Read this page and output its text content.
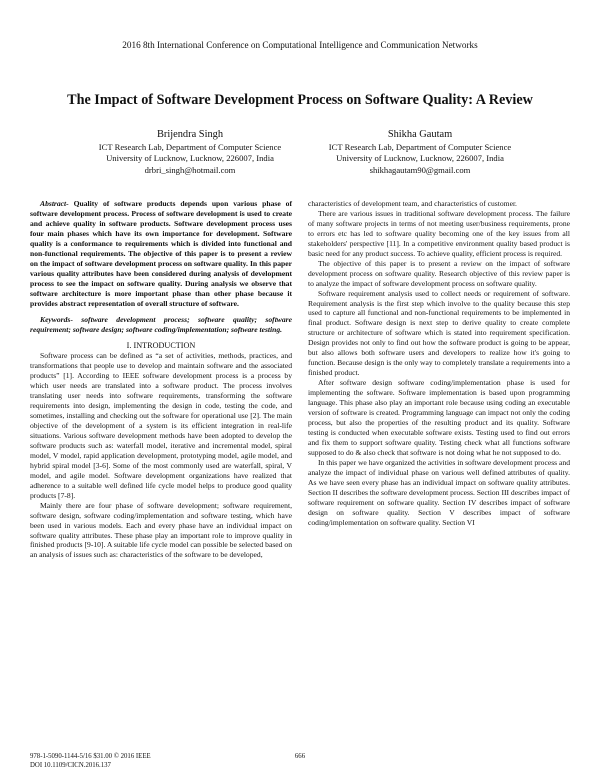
2016 8th International Conference on Computational Intelligence and Communication Networks
The Impact of Software Development Process on Software Quality: A Review
Brijendra Singh
ICT Research Lab, Department of Computer Science
University of Lucknow, Lucknow, 226007, India
drbri_singh@hotmail.com
Shikha Gautam
ICT Research Lab, Department of Computer Science
University of Lucknow, Lucknow, 226007, India
shikhagautam90@gmail.com

Abstract- Quality of software products depends upon various phase of software development process. Process of software development is used to create and achieve quality in software products. Software development process uses four main phases which have its own importance for development. Software quality is a conformance to requirements which is divided into functional and non-functional requirements. The objective of this paper is to present a review on the impact of software development process on software quality. In this paper various quality attributes have been considered during analysis of development process to see the impact on software quality. During analysis we observe that software architecture is more important phase than other phase because it provides abstract representation of overall structure of software.

Keywords- software development process; software quality; software requirement; software design; software coding/implementation; software testing.

I. INTRODUCTION

Software process can be defined as “a set of activities, methods, practices, and transformations that people use to develop and maintain software and the associated products” [1]. According to IEEE software development process is a process by which user needs are translated into a software product. The process involves translating user needs into software requirements, transforming the software requirements into design, implementing the design in code, testing the code, and sometimes, installing and checking out the software for operational use [2]. The main objective of the development of a system is its efficient integration in real-life situations. Various software development methods have been adopted to develop the software products such as: waterfall model, iterative and incremental model, spiral model, V model, rapid application development, prototyping model, agile model, and hybrid spiral model [3-6]. Some of the most commonly used are waterfall, spiral, V model, and agile model. Software development organizations have realized that adherence to a suitable well defined life cycle model helps to produce good quality products [7-8].

Mainly there are four phase of software development; software requirement, software design, software coding/implementation and software testing, which have been used in various models. Each and every phase have an individual impact on software quality attributes. These phase play an important role to improve quality in finished products [9-10]. A suitable life cycle model can possible be selected based on an analysis of issues such as: characteristics of the software to be developed,

characteristics of development team, and characteristics of customer.

There are various issues in traditional software development process. The failure of many software projects in terms of not meeting user/business requirements, prone to errors etc has led to software quality becoming one of the key issues from all stakeholders' perspective [11]. In a competitive environment quality based product is basic need for any product success. To achieve quality, efficient process is required.

The objective of this paper is to present a review on the impact of software development process on software quality. Research objective of this review paper is to analyze the impact of software development process on software quality.

Software requirement analysis used to collect needs or requirement of software. Requirement analysis is the first step which involve to the quality because this step used to capture all functional and non-functional requirements to be implemented in final product. Software design is next step to derive quality to create complete structure or architecture of software which is stated into requirement specification. Design provides not only to find out how the software product is going to be appear, but also allows both software users and developers to realize how it's going to function. Because design is the only way to completely translate a requirements into a finished product.

After software design software coding/implementation phase is used for implementing the software. Software implementation is based upon programming language. This phase also play an important role because using coding an executable version of software is created. Programming language can impact not only the coding process, but also the properties of the resulting product and its quality. Software testing is conducted when executable software exists. Testing used to find out errors and fix them to support software quality. Testing check what all functions software supposed to do & also check that software is not doing what he not supposed to do.

In this paper we have organized the activities in software development process and analyze the impact of individual phase on various well defined attributes of quality. As we have seen every phase has an individual impact on software quality attributes. Section II describes the software development process. Section III describes impact of software requirement on software quality. Section IV describes impact of software design on software quality. Section V describes impact of software coding/implementation on software quality. Section VI

978-1-5090-1144-5/16 $31.00 © 2016 IEEE
DOI 10.1109/CICN.2016.137
666
